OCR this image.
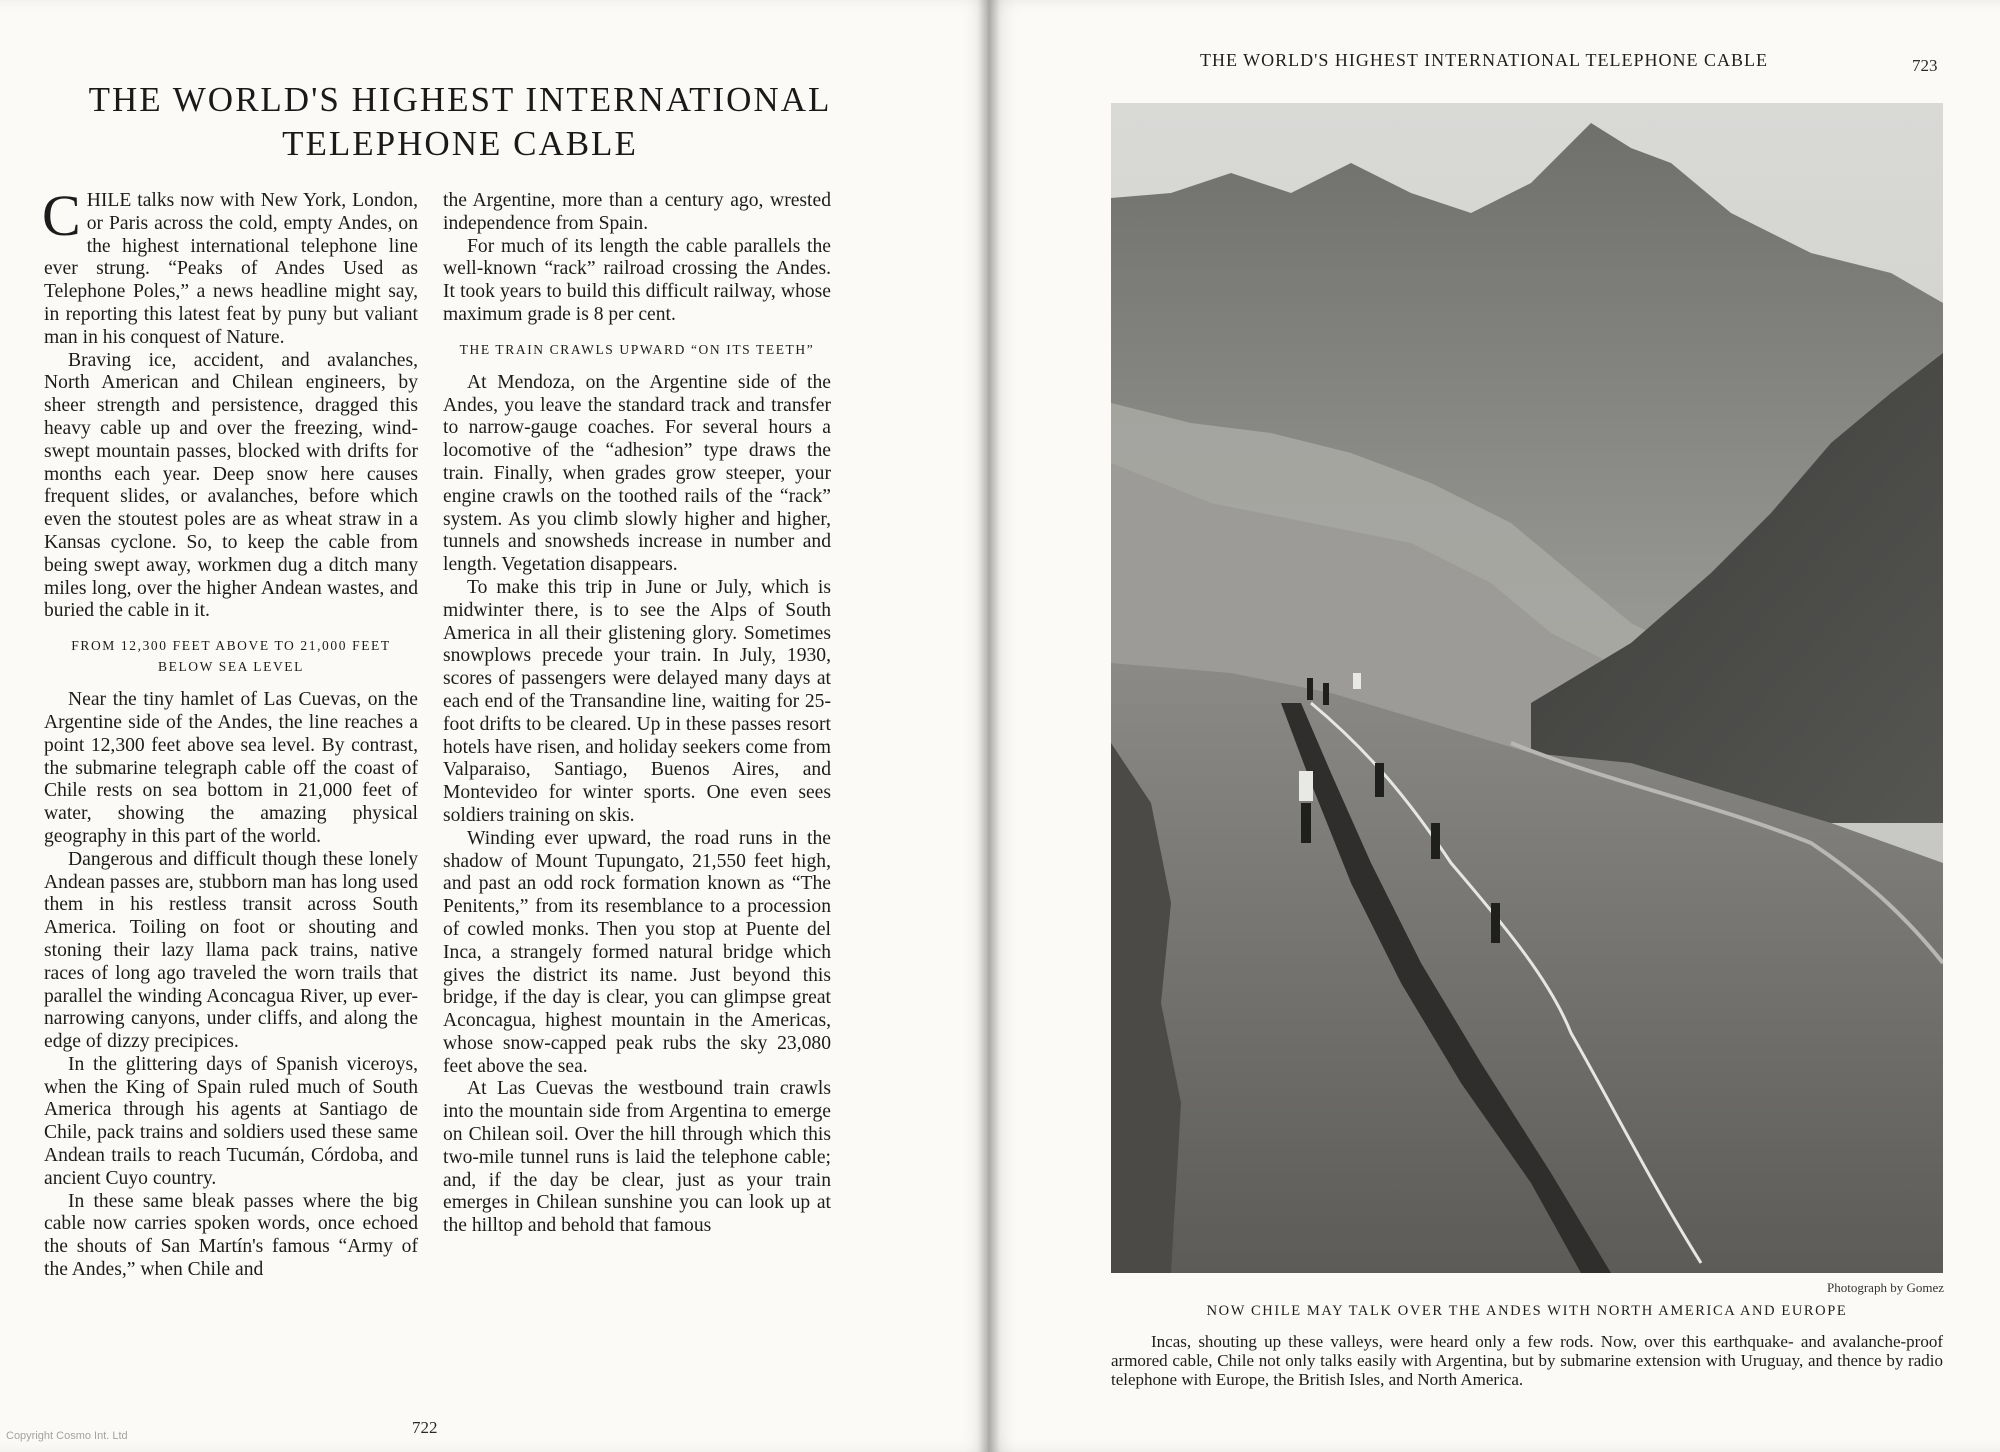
THE WORLD'S HIGHEST INTERNATIONAL
TELEPHONE CABLE

CHILE talks now with New York, London, or Paris across the cold, empty Andes, on the highest international telephone line ever strung. “Peaks of Andes Used as Telephone Poles,” a news headline might say, in reporting this latest feat by puny but valiant man in his conquest of Nature.

Braving ice, accident, and avalanches, North American and Chilean engineers, by sheer strength and persistence, dragged this heavy cable up and over the freezing, wind-swept mountain passes, blocked with drifts for months each year. Deep snow here causes frequent slides, or avalanches, before which even the stoutest poles are as wheat straw in a Kansas cyclone. So, to keep the cable from being swept away, workmen dug a ditch many miles long, over the higher Andean wastes, and buried the cable in it.

FROM 12,300 FEET ABOVE TO 21,000 FEET BELOW SEA LEVEL

Near the tiny hamlet of Las Cuevas, on the Argentine side of the Andes, the line reaches a point 12,300 feet above sea level. By contrast, the submarine telegraph cable off the coast of Chile rests on sea bottom in 21,000 feet of water, showing the amazing physical geography in this part of the world.

Dangerous and difficult though these lonely Andean passes are, stubborn man has long used them in his restless transit across South America. Toiling on foot or shouting and stoning their lazy llama pack trains, native races of long ago traveled the worn trails that parallel the winding Aconcagua River, up ever-narrowing canyons, under cliffs, and along the edge of dizzy precipices.

In the glittering days of Spanish viceroys, when the King of Spain ruled much of South America through his agents at Santiago de Chile, pack trains and soldiers used these same Andean trails to reach Tucumán, Córdoba, and ancient Cuyo country.

In these same bleak passes where the big cable now carries spoken words, once echoed the shouts of San Martín's famous “Army of the Andes,” when Chile and

the Argentine, more than a century ago, wrested independence from Spain.

For much of its length the cable parallels the well-known “rack” railroad crossing the Andes. It took years to build this difficult railway, whose maximum grade is 8 per cent.

THE TRAIN CRAWLS UPWARD “ON ITS TEETH”

At Mendoza, on the Argentine side of the Andes, you leave the standard track and transfer to narrow-gauge coaches. For several hours a locomotive of the “adhesion” type draws the train. Finally, when grades grow steeper, your engine crawls on the toothed rails of the “rack” system. As you climb slowly higher and higher, tunnels and snowsheds increase in number and length. Vegetation disappears.

To make this trip in June or July, which is midwinter there, is to see the Alps of South America in all their glistening glory. Sometimes snowplows precede your train. In July, 1930, scores of passengers were delayed many days at each end of the Transandine line, waiting for 25-foot drifts to be cleared. Up in these passes resort hotels have risen, and holiday seekers come from Valparaiso, Santiago, Buenos Aires, and Montevideo for winter sports. One even sees soldiers training on skis.

Winding ever upward, the road runs in the shadow of Mount Tupungato, 21,550 feet high, and past an odd rock formation known as “The Penitents,” from its resemblance to a procession of cowled monks. Then you stop at Puente del Inca, a strangely formed natural bridge which gives the district its name. Just beyond this bridge, if the day is clear, you can glimpse great Aconcagua, highest mountain in the Americas, whose snow-capped peak rubs the sky 23,080 feet above the sea.

At Las Cuevas the westbound train crawls into the mountain side from Argentina to emerge on Chilean soil. Over the hill through which this two-mile tunnel runs is laid the telephone cable; and, if the day be clear, just as your train emerges in Chilean sunshine you can look up at the hilltop and behold that famous

722
THE WORLD'S HIGHEST INTERNATIONAL TELEPHONE CABLE	723
Photograph by Gomez
NOW CHILE MAY TALK OVER THE ANDES WITH NORTH AMERICA AND EUROPE
Incas, shouting up these valleys, were heard only a few rods. Now, over this earthquake- and avalanche-proof armored cable, Chile not only talks easily with Argentina, but by submarine extension with Uruguay, and thence by radio telephone with Europe, the British Isles, and North America.
Copyright Cosmo Int. Ltd
